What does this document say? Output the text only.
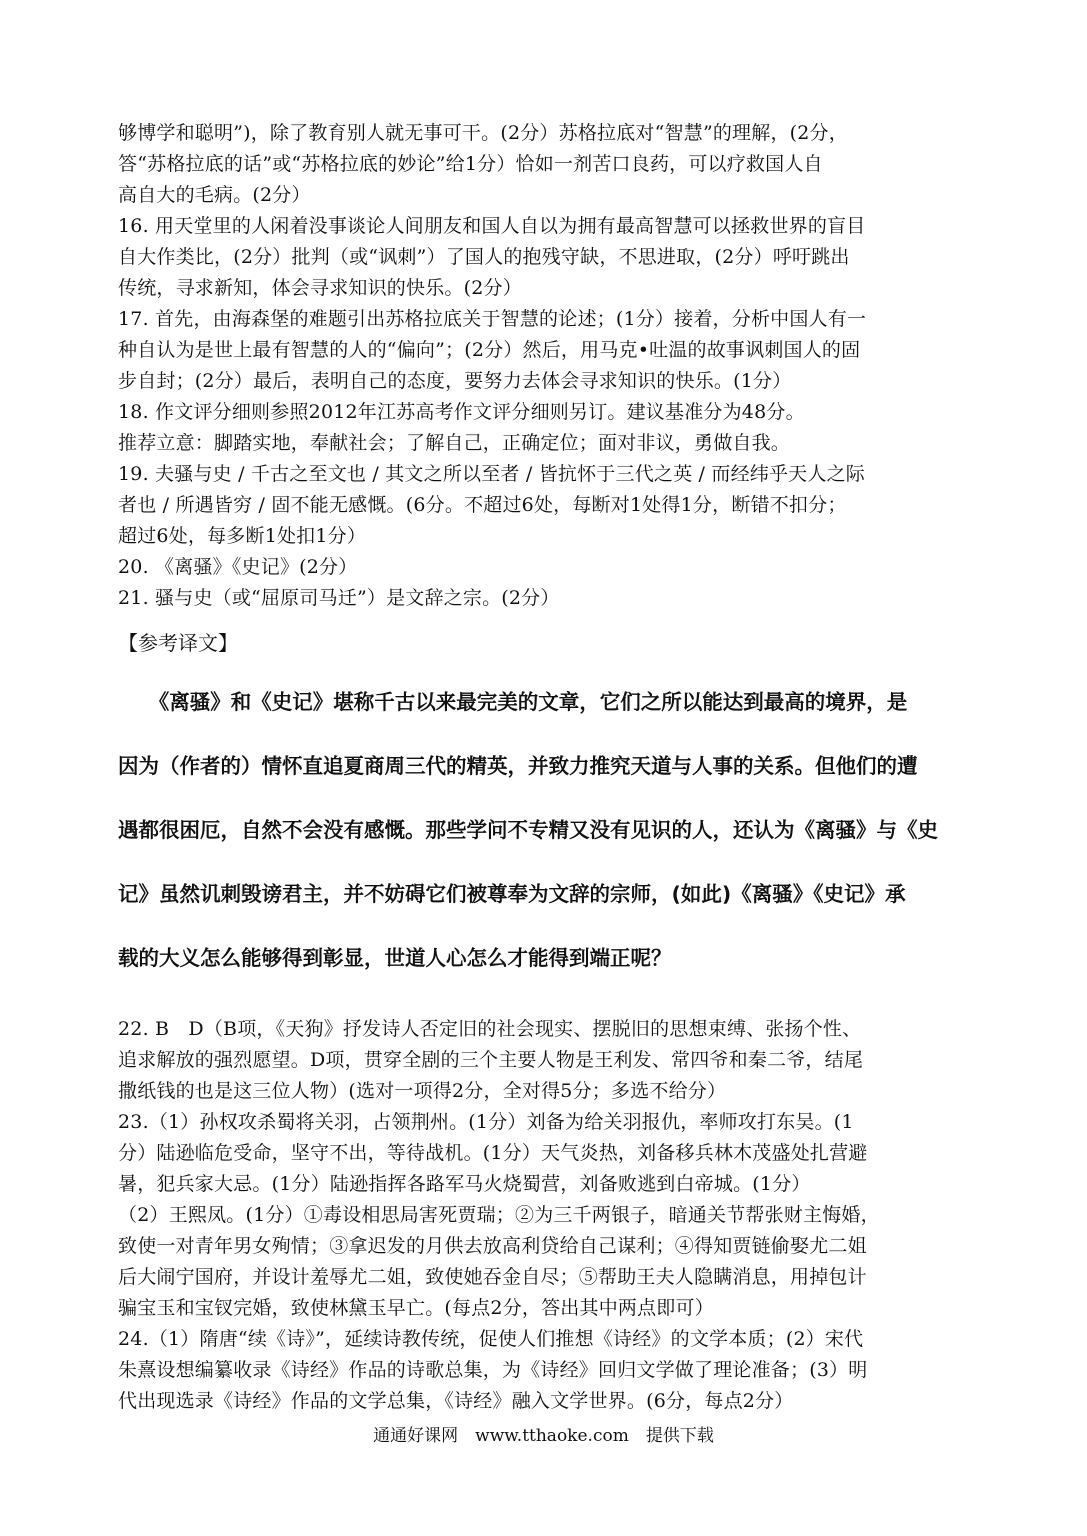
够博学和聪明”)，除了教育别人就无事可干。(2分）苏格拉底对“智慧”的理解，(2分，
答“苏格拉底的话”或“苏格拉底的妙论”给1分）恰如一剂苦口良药，可以疗救国人自
高自大的毛病。(2分）
16. 用天堂里的人闲着没事谈论人间朋友和国人自以为拥有最高智慧可以拯救世界的盲目
自大作类比，(2分）批判（或“讽刺”）了国人的抱残守缺，不思进取，(2分）呼吁跳出
传统，寻求新知，体会寻求知识的快乐。(2分）
17. 首先，由海森堡的难题引出苏格拉底关于智慧的论述；(1分）接着，分析中国人有一
种自认为是世上最有智慧的人的“偏向”；(2分）然后，用马克•吐温的故事讽刺国人的固
步自封；(2分）最后，表明自己的态度，要努力去体会寻求知识的快乐。(1分）
18. 作文评分细则参照2012年江苏高考作文评分细则另订。建议基准分为48分。
推荐立意：脚踏实地，奉献社会；了解自己，正确定位；面对非议，勇做自我。
19. 夫骚与史 / 千古之至文也 / 其文之所以至者 / 皆抗怀于三代之英 / 而经纬乎天人之际
者也 / 所遇皆穷 / 固不能无感慨。(6分。不超过6处，每断对1处得1分，断错不扣分；
超过6处，每多断1处扣1分）
20. 《离骚》《史记》(2分）
21. 骚与史（或“屈原司马迁”）是文辞之宗。(2分）
【参考译文】
　　《离骚》和《史记》堪称千古以来最完美的文章，它们之所以能达到最高的境界，是
因为（作者的）情怀直追夏商周三代的精英，并致力推究天道与人事的关系。但他们的遭
遇都很困厄，自然不会没有感慨。那些学问不专精又没有见识的人，还认为《离骚》与《史
记》虽然讥刺毁谤君主，并不妨碍它们被尊奉为文辞的宗师，(如此)《离骚》《史记》承
载的大义怎么能够得到彰显，世道人心怎么才能得到端正呢？
22. B　D（B项，《天狗》抒发诗人否定旧的社会现实、摆脱旧的思想束缚、张扬个性、
追求解放的强烈愿望。D项，贯穿全剧的三个主要人物是王利发、常四爷和秦二爷，结尾
撒纸钱的也是这三位人物）(选对一项得2分，全对得5分；多选不给分）
23.（1）孙权攻杀蜀将关羽，占领荆州。(1分）刘备为给关羽报仇，率师攻打东吴。(1
分）陆逊临危受命，坚守不出，等待战机。(1分）天气炎热，刘备移兵林木茂盛处扎营避
暑，犯兵家大忌。(1分）陆逊指挥各路军马火烧蜀营，刘备败逃到白帝城。(1分）
（2）王熙凤。(1分）①毒设相思局害死贾瑞；②为三千两银子，暗通关节帮张财主悔婚，
致使一对青年男女殉情；③拿迟发的月供去放高利贷给自己谋利；④得知贾链偷娶尤二姐
后大闹宁国府，并设计羞辱尤二姐，致使她吞金自尽；⑤帮助王夫人隐瞒消息，用掉包计
骗宝玉和宝钗完婚，致使林黛玉早亡。(每点2分，答出其中两点即可）
24.（1）隋唐“续《诗》”，延续诗教传统，促使人们推想《诗经》的文学本质；(2）宋代
朱熹设想编纂收录《诗经》作品的诗歌总集，为《诗经》回归文学做了理论准备；(3）明
代出现选录《诗经》作品的文学总集，《诗经》融入文学世界。(6分，每点2分）
通通好课网　www.tthaoke.com　提供下载
